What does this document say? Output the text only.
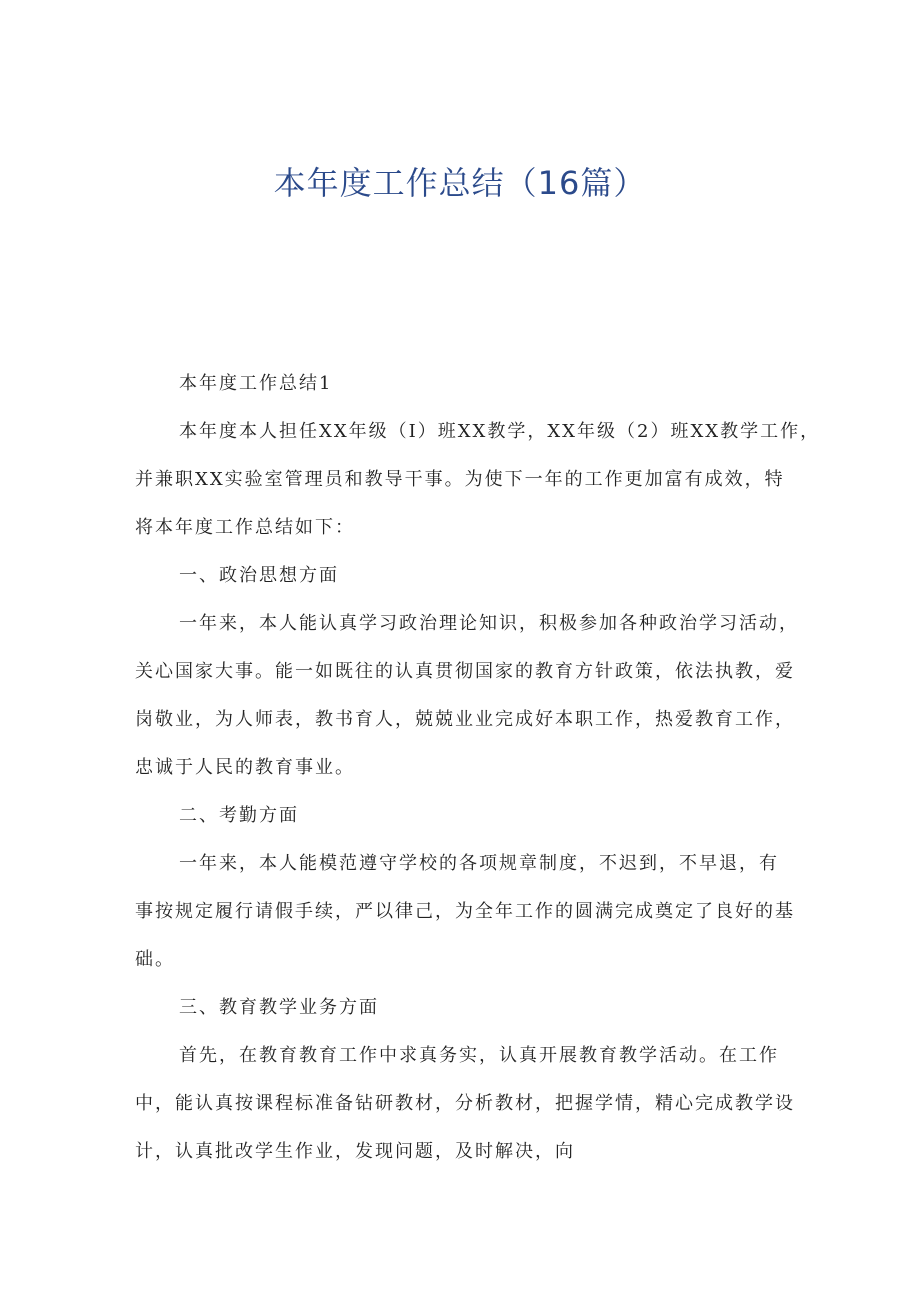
本年度工作总结（16篇）
本年度工作总结1
本年度本人担任XX年级（I）班XX教学，XX年级（2）班XX教学工作，
并兼职XX实验室管理员和教导干事。为使下一年的工作更加富有成效，特
将本年度工作总结如下：
一、政治思想方面
一年来，本人能认真学习政治理论知识，积极参加各种政治学习活动，
关心国家大事。能一如既往的认真贯彻国家的教育方针政策，依法执教，爱
岗敬业，为人师表，教书育人，兢兢业业完成好本职工作，热爱教育工作，
忠诚于人民的教育事业。
二、考勤方面
一年来，本人能模范遵守学校的各项规章制度，不迟到，不早退，有
事按规定履行请假手续，严以律己，为全年工作的圆满完成奠定了良好的基
础。
三、教育教学业务方面
首先，在教育教育工作中求真务实，认真开展教育教学活动。在工作
中，能认真按课程标准备钻研教材，分析教材，把握学情，精心完成教学设
计，认真批改学生作业，发现问题，及时解决，向
